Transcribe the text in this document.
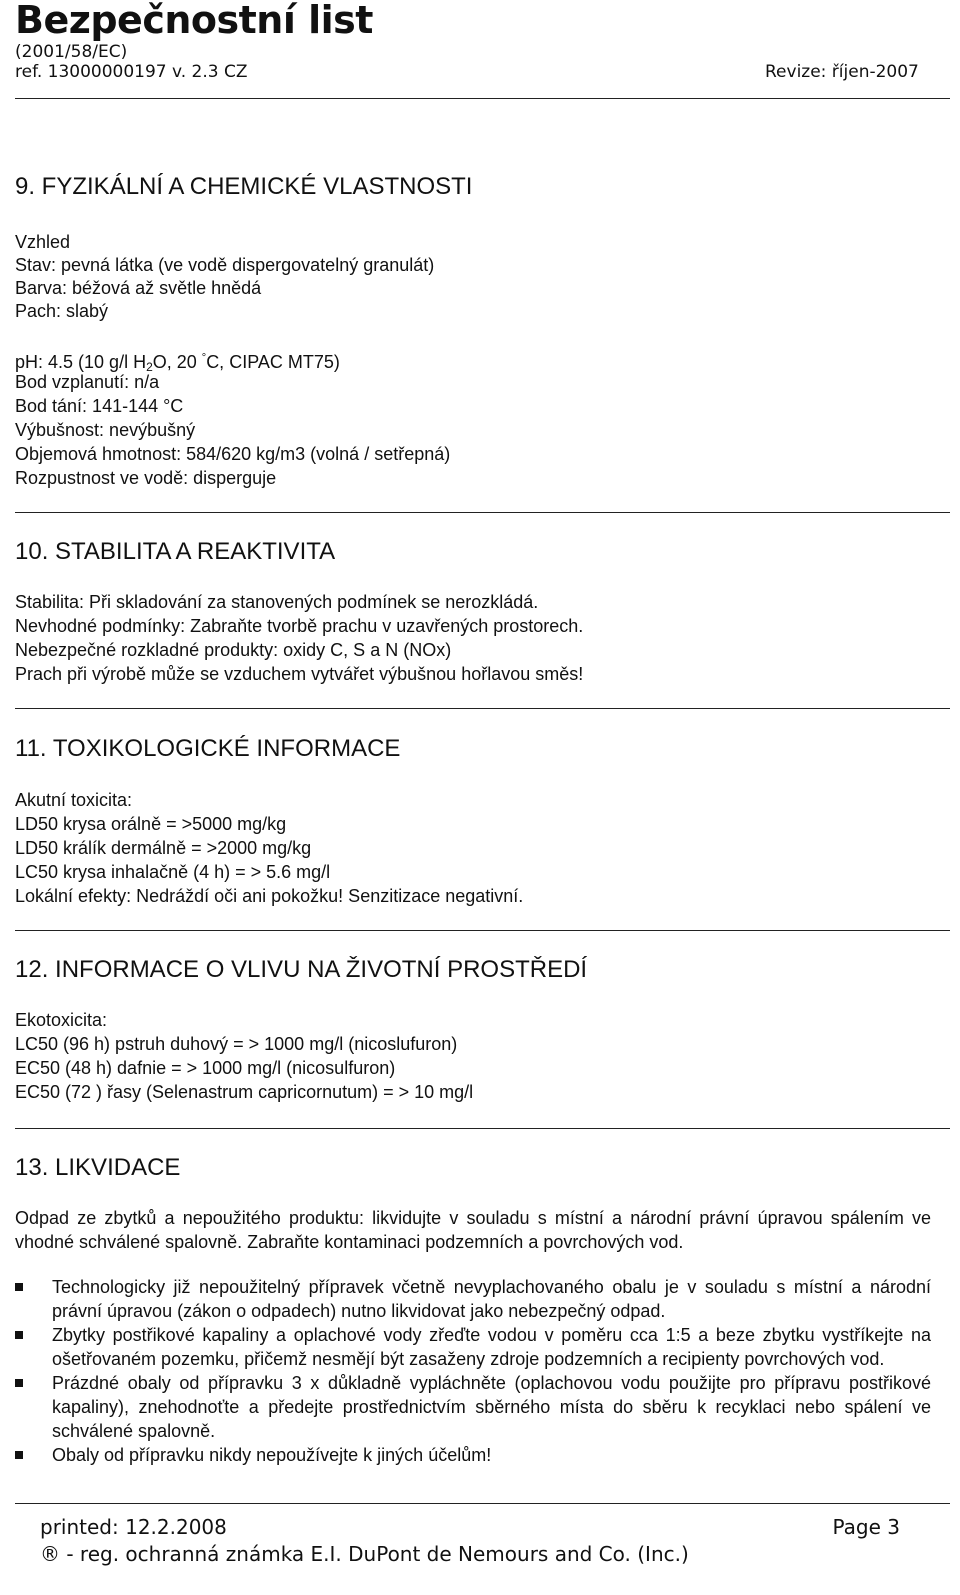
Bezpečnostní list
(2001/58/EC)
ref. 13000000197 v. 2.3 CZ	Revize: říjen-2007
9. FYZIKÁLNÍ A CHEMICKÉ VLASTNOSTI
Vzhled
Stav: pevná látka (ve vodě dispergovatelný granulát)
Barva: béžová až světle hnědá
Pach: slabý
pH: 4.5 (10 g/l $H_2O$, 20 °C, CIPAC MT75)
Bod vzplanutí: n/a
Bod tání: 141-144 °C
Výbušnost: nevýbušný
Objemová hmotnost: 584/620 kg/m3 (volná / setřepná)
Rozpustnost ve vodě: disperguje
10. STABILITA A REAKTIVITA
Stabilita: Při skladování za stanovených podmínek se nerozkládá.
Nevhodné podmínky: Zabraňte tvorbě prachu v uzavřených prostorech.
Nebezpečné rozkladné produkty: oxidy C, S a N (NOx)
Prach při výrobě může se vzduchem vytvářet výbušnou hořlavou směs!
11. TOXIKOLOGICKÉ INFORMACE
Akutní toxicita:
LD50 krysa orálně = >5000 mg/kg
LD50 králík dermálně = >2000 mg/kg
LC50 krysa inhalačně (4 h) = > 5.6 mg/l
Lokální efekty: Nedráždí oči ani pokožku! Senzitizace negativní.
12. INFORMACE O VLIVU NA ŽIVOTNÍ PROSTŘEDÍ
Ekotoxicita:
LC50 (96 h) pstruh duhový = > 1000 mg/l (nicoslufuron)
EC50 (48 h) dafnie = > 1000 mg/l (nicosulfuron)
EC50 (72 ) řasy (Selenastrum capricornutum) = > 10 mg/l
13. LIKVIDACE
Odpad ze zbytků a nepoužitého produktu: likvidujte v souladu s místní a národní právní úpravou spálením ve vhodné schválené spalovně. Zabraňte kontaminaci podzemních a povrchových vod.
Technologicky již nepoužitelný přípravek včetně nevyplachovaného obalu je v souladu s místní a národní právní úpravou (zákon o odpadech) nutno likvidovat jako nebezpečný odpad.
Zbytky postřikové kapaliny a oplachové vody zřeďte vodou v poměru cca 1:5 a beze zbytku vystříkejte na ošetřovaném pozemku, přičemž nesmějí být zasaženy zdroje podzemních a recipienty povrchových vod.
Prázdné obaly od přípravku 3 x důkladně vypláchněte (oplachovou vodu použijte pro přípravu postřikové kapaliny), znehodnoťte a předejte prostřednictvím sběrného místa do sběru k recyklaci nebo spálení ve schválené spalovně.
Obaly od přípravku nikdy nepoužívejte k jiných účelům!
printed: 12.2.2008	Page 3
® - reg. ochranná známka E.I. DuPont de Nemours and Co. (Inc.)
